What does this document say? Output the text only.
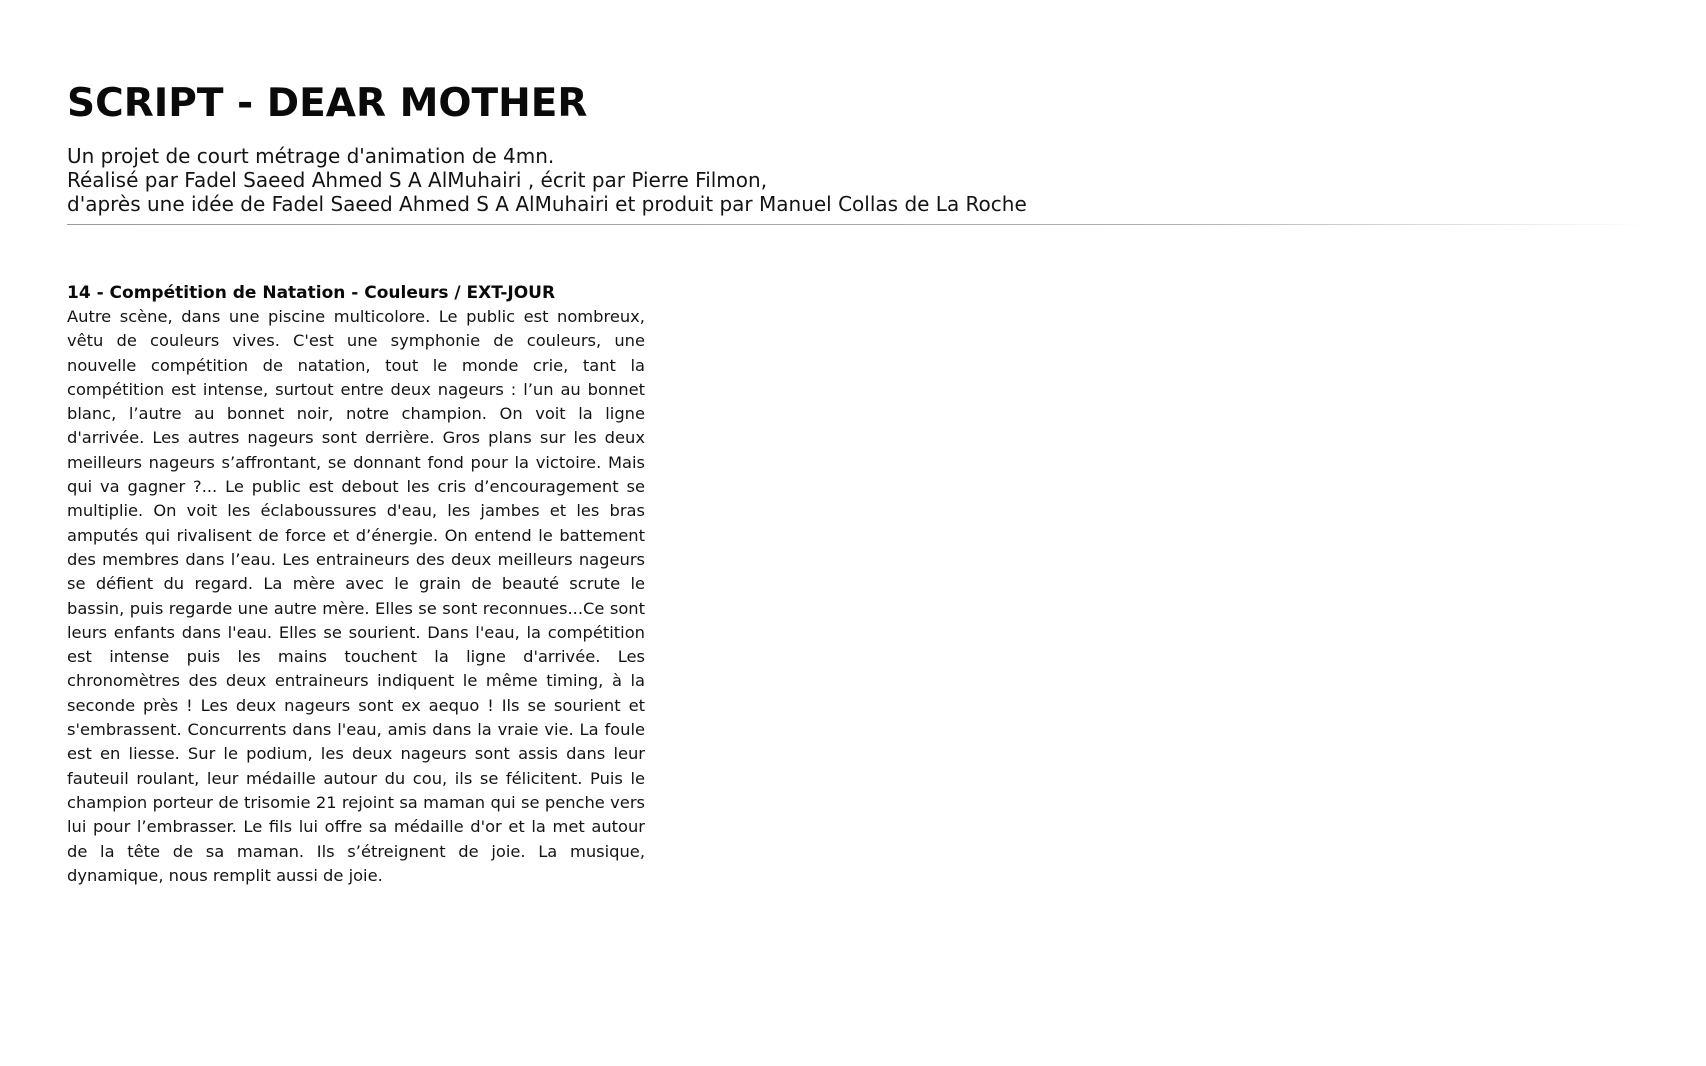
SCRIPT - DEAR MOTHER
Un projet de court métrage d'animation de 4mn.
Réalisé par Fadel Saeed Ahmed S A AlMuhairi , écrit par Pierre Filmon,
d'après une idée de Fadel Saeed Ahmed S A AlMuhairi et produit par Manuel Collas de La Roche
14 - Compétition de Natation - Couleurs / EXT-JOUR

Autre scène, dans une piscine multicolore. Le public est nombreux, vêtu de couleurs vives. C'est une symphonie de couleurs, une nouvelle compétition de natation, tout le monde crie, tant la compétition est intense, surtout entre deux nageurs : l’un au bonnet blanc, l’autre au bonnet noir, notre champion. On voit la ligne d'arrivée. Les autres nageurs sont derrière. Gros plans sur les deux meilleurs nageurs s’affrontant, se donnant fond pour la victoire. Mais qui va gagner ?... Le public est debout les cris d’encouragement se multiplie. On voit les éclaboussures d'eau, les jambes et les bras amputés qui rivalisent de force et d’énergie. On entend le battement des membres dans l’eau. Les entraineurs des deux meilleurs nageurs se défient du regard. La mère avec le grain de beauté scrute le bassin, puis regarde une autre mère. Elles se sont reconnues...Ce sont leurs enfants dans l'eau. Elles se sourient. Dans l'eau, la compétition est intense puis les mains touchent la ligne d'arrivée. Les chronomètres des deux entraineurs indiquent le même timing, à la seconde près ! Les deux nageurs sont ex aequo ! Ils se sourient et s'embrassent. Concurrents dans l'eau, amis dans la vraie vie. La foule est en liesse. Sur le podium, les deux nageurs sont assis dans leur fauteuil roulant, leur médaille autour du cou, ils se félicitent. Puis le champion porteur de trisomie 21 rejoint sa maman qui se penche vers lui pour l’embrasser. Le fils lui offre sa médaille d'or et la met autour de la tête de sa maman. Ils s’étreignent de joie. La musique, dynamique, nous remplit aussi de joie.
